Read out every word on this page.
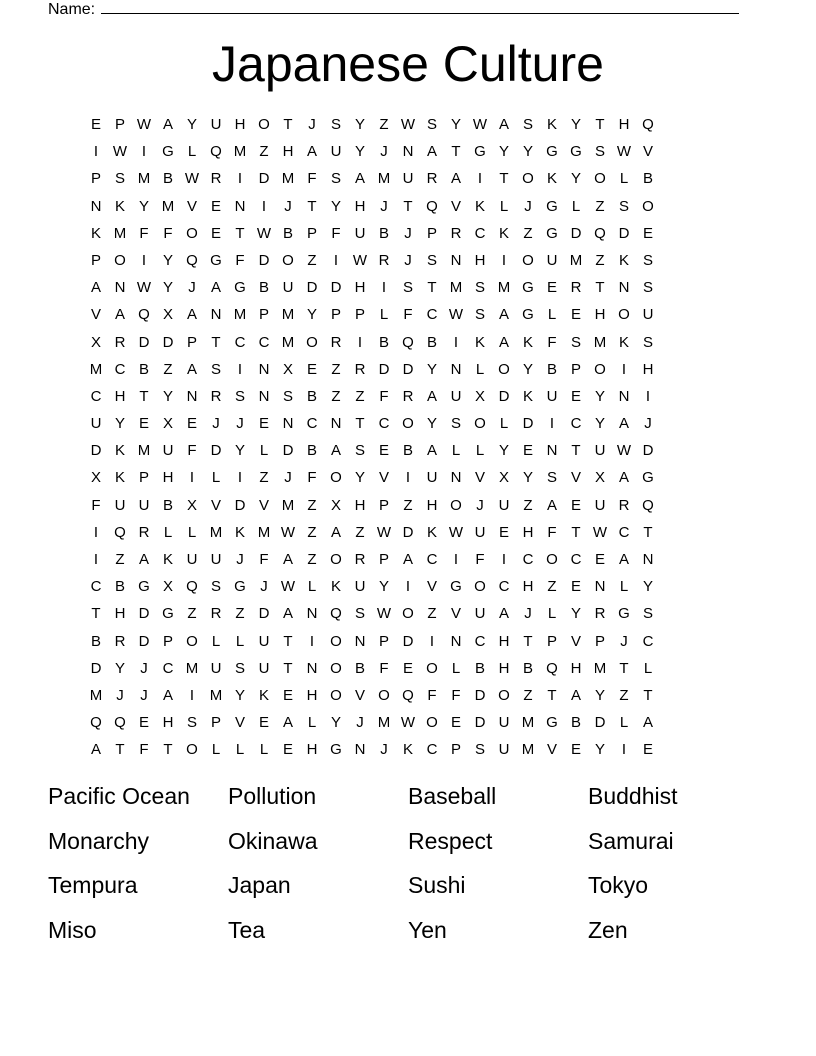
Name:
Japanese Culture
E P W A Y U H O T	J	S Y Z W S Y W A S K Y T H Q
I W I	G L Q M Z H A U Y	J N A T G Y Y G G S W V
P S M B W R	I	D M F S A M U R A	I	T O K Y O L B
N K Y M V E N	I	J	T Y H J	T Q V K L	J G L	Z S O
K M F F O E T W B P F U B	J	P R C K Z G D Q D E
P O	I	Y Q G F D O Z	I W R J	S N H	I	O U M Z K S
A N W Y	J	A G B U D D H	I	S T M S M G E R T N S
V A Q X A N M P M Y P P L	F C W S A G L E H O U
X R D D P T C C M O R	I	B Q B	I	K A K F S M K S
M C B Z A S	I	N X E Z R D D Y N L O Y B P O	I	H
C H T Y N R S N S B Z Z F R A U X D K U E Y N	I
U Y E X E	J	J	E N C N T C O Y S O L D	I	C Y A	J
D K M U F D Y L D B A S E B A L	L Y E N T U W D
X K P H	I	L	I	Z	J	F O Y V	I	U N V X Y S V X A G
F U U B X V D V M Z X H P Z H O J U Z A E U R Q
I	Q R L	L M K M W Z A Z W D K W U E H F T W C T
I	Z A K U U J	F A Z O R P A C	I	F	I	C O C E A N
C B G X Q S G J W L K U Y	I	V G O C H Z E N L Y
T H D G Z R Z D A N Q S W O Z V U A	J	L Y R G S
B R D P O L	L U T	I	O N P D	I	N C H T P V P	J C
D Y	J C M U S U T N O B F E O L B H B Q H M T	L
M J	J	A	I	M Y K E H O V O Q F F D O Z T A Y Z T
Q Q E H S P V E A L Y	J M W O E D U M G B D L A
A T F T O L	L	L E H G N J	K C P S U M V E Y	I	E
Pacific Ocean	Pollution	Baseball	Buddhist
Monarchy	Okinawa	Respect	Samurai
Tempura	Japan	Sushi	Tokyo
Miso	Tea	Yen	Zen
